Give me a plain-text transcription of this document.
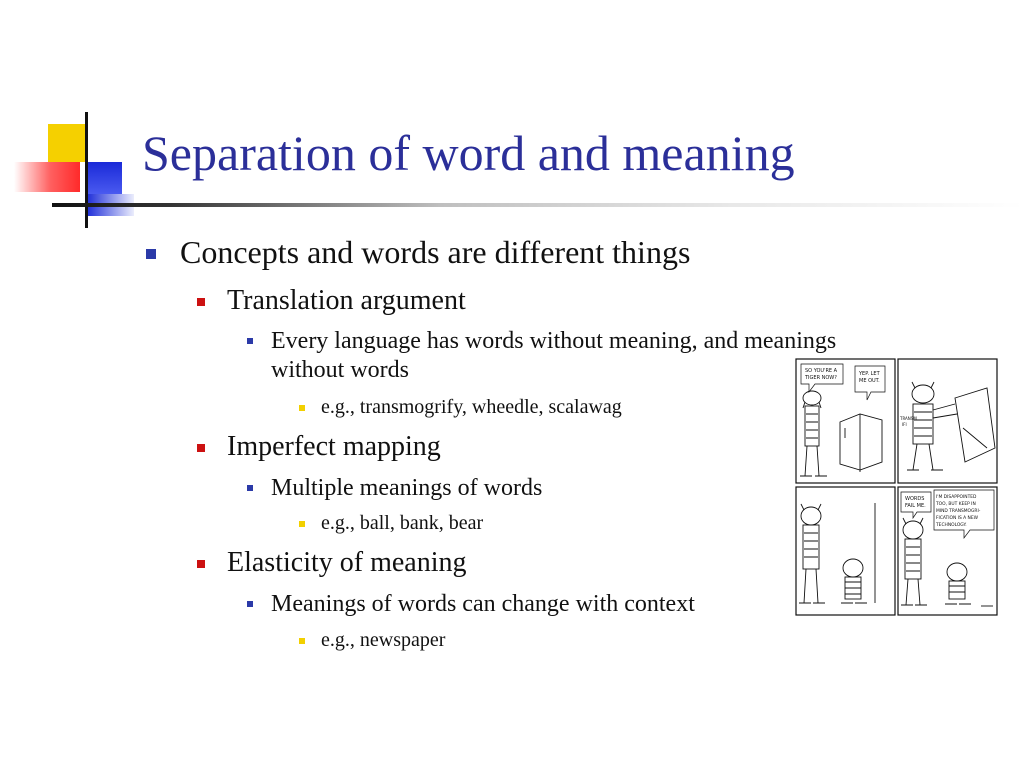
Separation of word and meaning
Concepts and words are different things
Translation argument
Every language has words without meaning, and meanings
without words
e.g., transmogrify, wheedle, scalawag
Imperfect mapping
Multiple meanings of words
e.g., ball, bank, bear
Elasticity of meaning
Meanings of words can change with context
e.g., newspaper
SO YOU'RE A
TIGER NOW?
YEP. LET
ME OUT.
TRANSM
IFI
WORDS
FAIL ME.
I'M DISAPPOINTED
TOO, BUT KEEP IN
MIND TRANSMOGRI-
FICATION IS A NEW
TECHNOLOGY.
